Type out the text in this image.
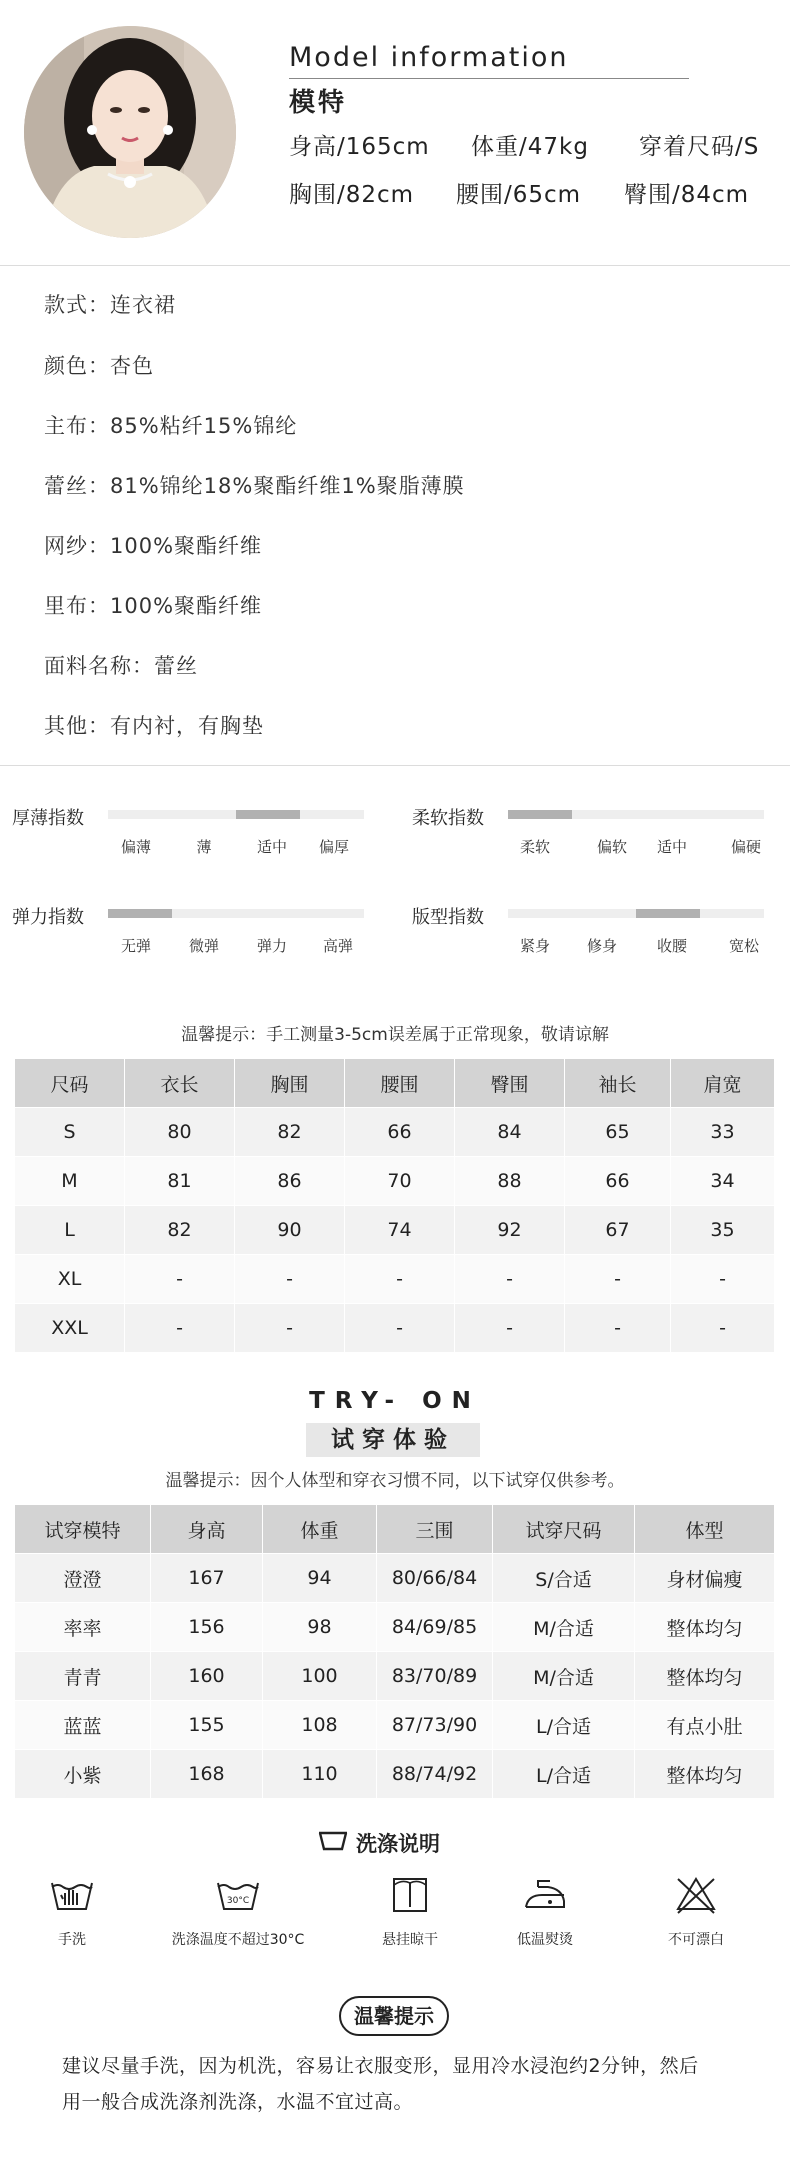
Model information
模特
身高/165cm 体重/47kg 穿着尺码/S
胸围/82cm 腰围/65cm 臀围/84cm
款式：连衣裙
颜色：杏色
主布：85%粘纤15%锦纶
蕾丝：81%锦纶18%聚酯纤维1%聚脂薄膜
网纱：100%聚酯纤维
里布：100%聚酯纤维
面料名称：蕾丝
其他：有内衬，有胸垫
厚薄指数
偏薄	薄	适中 偏厚
柔软指数
柔软	偏软 适中	偏硬
弹力指数
无弹	微弹	弹力 高弹
版型指数
紧身 修身	收腰	宽松
温馨提示：手工测量3-5cm误差属于正常现象，敬请谅解
尺码	衣长	胸围	腰围	臀围	袖长	肩宽
S	80	82	66	84	65	33
M	81	86	70	88	66	34
L	82	90	74	92	67	35
XL	-	-	-	-	-	-
XXL	-	-	-	-	-	-
TRY- ON
试穿体验
温馨提示：因个人体型和穿衣习惯不同，以下试穿仅供参考。
试穿模特	身高	体重	三围	试穿尺码	体型
澄澄	167	94	80/66/84	S/合适	身材偏瘦
率率	156	98	84/69/85	M/合适	整体均匀
青青	160	100	83/70/89	M/合适	整体均匀
蓝蓝	155	108	87/73/90	L/合适	有点小肚
小紫	168	110	88/74/92	L/合适	整体均匀
洗涤说明
手洗
30°C
洗涤温度不超过30°C	悬挂晾干	低温熨烫	不可漂白
温馨提示
建议尽量手洗，因为机洗，容易让衣服变形，显用冷水浸泡约2分钟，然后
用一般合成洗涤剂洗涤，水温不宜过高。
